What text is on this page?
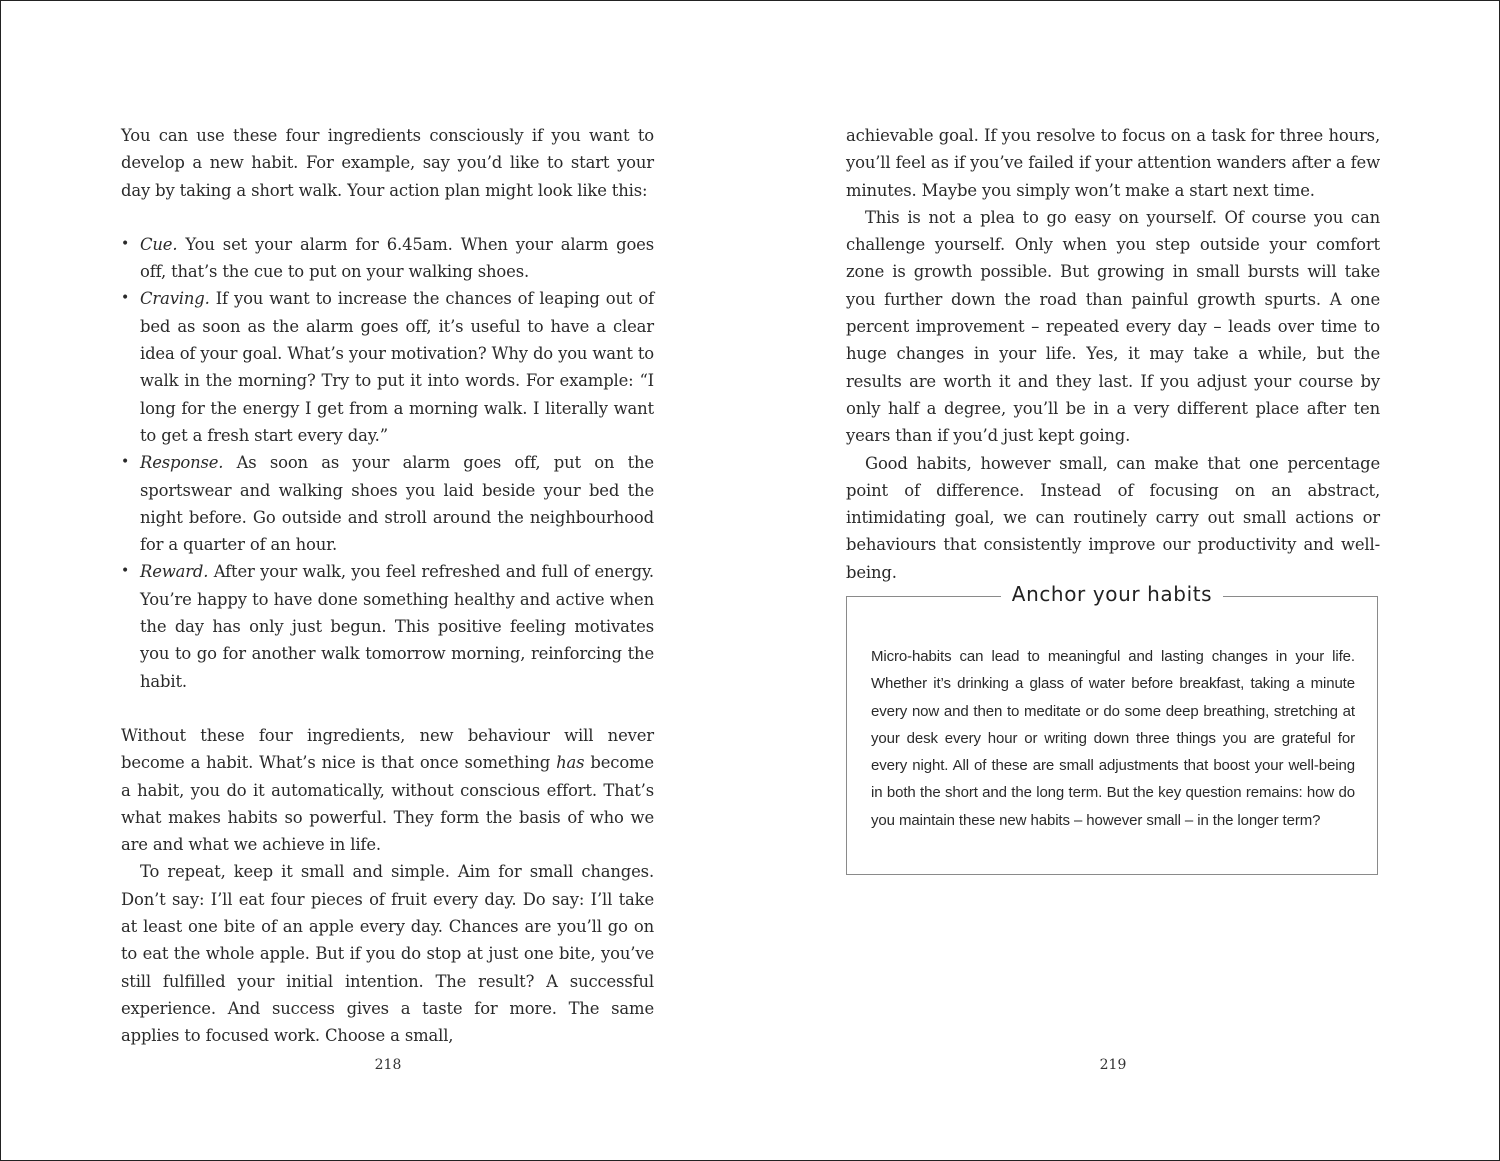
You can use these four ingredients consciously if you want to develop a new habit. For example, say you’d like to start your day by taking a short walk. Your action plan might look like this:

• Cue. You set your alarm for 6.45am. When your alarm goes off, that’s the cue to put on your walking shoes.
• Craving. If you want to increase the chances of leaping out of bed as soon as the alarm goes off, it’s useful to have a clear idea of your goal. What’s your motivation? Why do you want to walk in the morning? Try to put it into words. For example: “I long for the energy I get from a morning walk. I literally want to get a fresh start every day.”
• Response. As soon as your alarm goes off, put on the sportswear and walking shoes you laid beside your bed the night before. Go outside and stroll around the neighbourhood for a quarter of an hour.
• Reward. After your walk, you feel refreshed and full of energy. You’re happy to have done something healthy and active when the day has only just begun. This positive feeling motivates you to go for another walk tomorrow morning, reinforcing the habit.

Without these four ingredients, new behaviour will never become a habit. What’s nice is that once something has become a habit, you do it automatically, without conscious effort. That’s what makes habits so powerful. They form the basis of who we are and what we achieve in life.

To repeat, keep it small and simple. Aim for small changes. Don’t say: I’ll eat four pieces of fruit every day. Do say: I’ll take at least one bite of an apple every day. Chances are you’ll go on to eat the whole apple. But if you do stop at just one bite, you’ve still fulfilled your initial intention. The result? A successful experience. And success gives a taste for more. The same applies to focused work. Choose a small,

218

achievable goal. If you resolve to focus on a task for three hours, you’ll feel as if you’ve failed if your attention wanders after a few minutes. Maybe you simply won’t make a start next time.

This is not a plea to go easy on yourself. Of course you can challenge yourself. Only when you step outside your comfort zone is growth possible. But growing in small bursts will take you further down the road than painful growth spurts. A one percent improvement – repeated every day – leads over time to huge changes in your life. Yes, it may take a while, but the results are worth it and they last. If you adjust your course by only half a degree, you’ll be in a very different place after ten years than if you’d just kept going.

Good habits, however small, can make that one percentage point of difference. Instead of focusing on an abstract, intimidating goal, we can routinely carry out small actions or behaviours that consistently improve our productivity and well-being.

Anchor your habits

Micro-habits can lead to meaningful and lasting changes in your life. Whether it’s drinking a glass of water before breakfast, taking a minute every now and then to meditate or do some deep breathing, stretching at your desk every hour or writing down three things you are grateful for every night. All of these are small adjustments that boost your well-being in both the short and the long term. But the key question remains: how do you maintain these new habits – however small – in the longer term?

219
